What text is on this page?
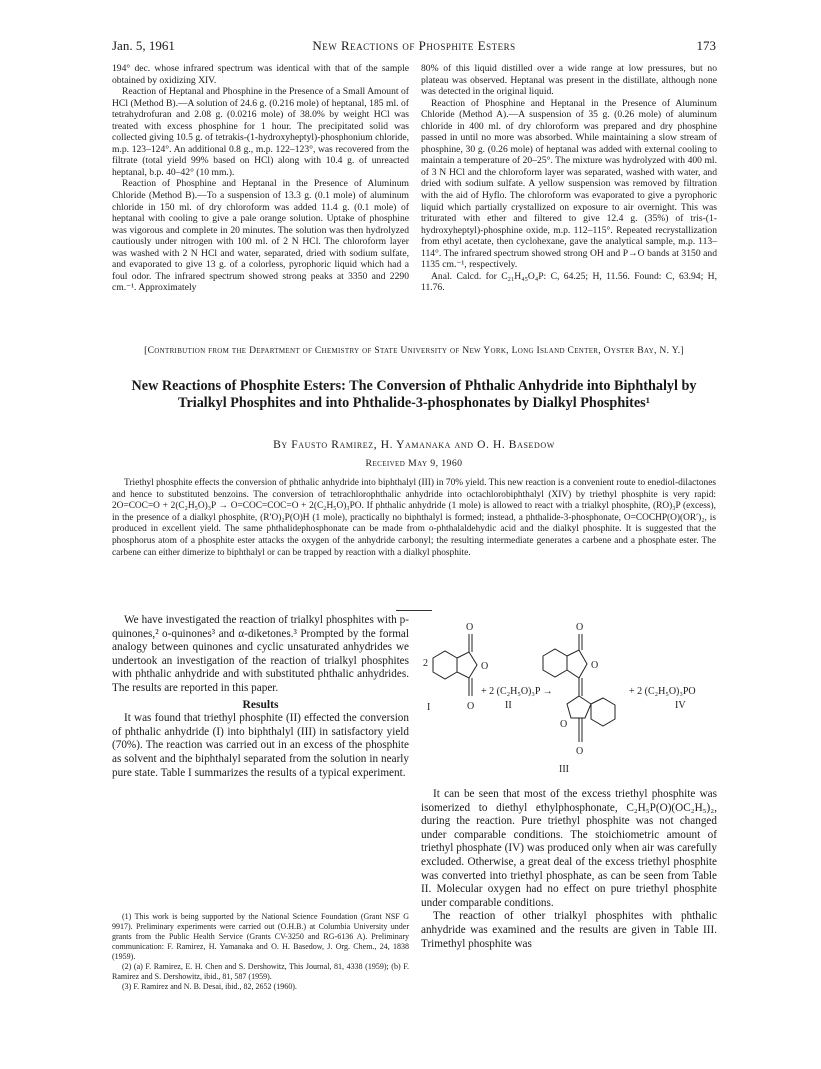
Jan. 5, 1961	New Reactions of Phosphite Esters	173

194° dec. whose infrared spectrum was identical with that of the sample obtained by oxidizing XIV.

Reaction of Heptanal and Phosphine in the Presence of a Small Amount of HCl (Method B).—A solution of 24.6 g. (0.216 mole) of heptanal, 185 ml. of tetrahydrofuran and 2.08 g. (0.0216 mole) of 38.0% by weight HCl was treated with excess phosphine for 1 hour. The precipitated solid was collected giving 10.5 g. of tetrakis-(1-hydroxyheptyl)-phosphonium chloride, m.p. 123–124°. An additional 0.8 g., m.p. 122–123°, was recovered from the filtrate (total yield 99% based on HCl) along with 10.4 g. of unreacted heptanal, b.p. 40–42° (10 mm.).

Reaction of Phosphine and Heptanal in the Presence of Aluminum Chloride (Method B).—To a suspension of 13.3 g. (0.1 mole) of aluminum chloride in 150 ml. of dry chloroform was added 11.4 g. (0.1 mole) of heptanal with cooling to give a pale orange solution. Uptake of phosphine was vigorous and complete in 20 minutes. The solution was then hydrolyzed cautiously under nitrogen with 100 ml. of 2 N HCl. The chloroform layer was washed with 2 N HCl and water, separated, dried with sodium sulfate, and evaporated to give 13 g. of a colorless, pyrophoric liquid which had a foul odor. The infrared spectrum showed strong peaks at 3350 and 2290 cm.⁻¹. Approximately

80% of this liquid distilled over a wide range at low pressures, but no plateau was observed. Heptanal was present in the distillate, although none was detected in the original liquid.

Reaction of Phosphine and Heptanal in the Presence of Aluminum Chloride (Method A).—A suspension of 35 g. (0.26 mole) of aluminum chloride in 400 ml. of dry chloroform was prepared and dry phosphine passed in until no more was absorbed. While maintaining a slow stream of phosphine, 30 g. (0.26 mole) of heptanal was added with external cooling to maintain a temperature of 20–25°. The mixture was hydrolyzed with 400 ml. of 3 N HCl and the chloroform layer was separated, washed with water, and dried with sodium sulfate. A yellow suspension was removed by filtration with the aid of Hyflo. The chloroform was evaporated to give a pyrophoric liquid which partially crystallized on exposure to air overnight. This was triturated with ether and filtered to give 12.4 g. (35%) of tris-(1-hydroxyheptyl)-phosphine oxide, m.p. 112–115°. Repeated recrystallization from ethyl acetate, then cyclohexane, gave the analytical sample, m.p. 113–114°. The infrared spectrum showed strong OH and P→O bands at 3150 and 1135 cm.⁻¹, respectively.

Anal. Calcd. for C₂₁H₄₅O₄P: C, 64.25; H, 11.56. Found: C, 63.94; H, 11.76.

[Contribution from the Department of Chemistry of State University of New York, Long Island Center, Oyster Bay, N. Y.]
New Reactions of Phosphite Esters: The Conversion of Phthalic Anhydride into Biphthalyl by Trialkyl Phosphites and into Phthalide-3-phosphonates by Dialkyl Phosphites¹
By Fausto Ramirez, H. Yamanaka and O. H. Basedow
Received May 9, 1960

Triethyl phosphite effects the conversion of phthalic anhydride into biphthalyl (III) in 70% yield. This new reaction is a convenient route to enediol-dilactones and hence to substituted benzoins. The conversion of tetrachlorophthalic anhydride into octachlorobiphthalyl (XIV) by triethyl phosphite is very rapid: 2O=COC=O + 2(C₂H₅O)₃P → O=COC=COC=O + 2(C₂H₅O)₃PO. If phthalic anhydride (1 mole) is allowed to react with a trialkyl phosphite, (RO)₃P (excess), in the presence of a dialkyl phosphite, (R′O)₂P(O)H (1 mole), practically no biphthalyl is formed; instead, a phthalide-3-phosphonate, O=COCHP(O)(OR′)₂, is produced in excellent yield. The same phthalidephosphonate can be made from o-phthalaldehydic acid and the dialkyl phosphite. It is suggested that the phosphorus atom of a phosphite ester attacks the oxygen of the anhydride carbonyl; the resulting intermediate generates a carbene and a phosphate ester. The carbene can either dimerize to biphthalyl or can be trapped by reaction with a dialkyl phosphite.

We have investigated the reaction of trialkyl phosphites with p-quinones,² o-quinones³ and α-diketones.³ Prompted by the formal analogy between quinones and cyclic unsaturated anhydrides we undertook an investigation of the reaction of trialkyl phosphites with phthalic anhydride and with substituted phthalic anhydrides. The results are reported in this paper.

Results

It was found that triethyl phosphite (II) effected the conversion of phthalic anhydride (I) into biphthalyl (III) in satisfactory yield (70%). The reaction was carried out in an excess of the phosphite as solvent and the biphthalyl separated from the solution in nearly pure state. Table I summarizes the results of a typical experiment.

(1) This work is being supported by the National Science Foundation (Grant NSF G 9917). Preliminary experiments were carried out (O.H.B.) at Columbia University under grants from the Public Health Service (Grants CV-3250 and RG-6136 A). Preliminary communication: F. Ramirez, H. Yamanaka and O. H. Basedow, J. Org. Chem., 24, 1838 (1959).

(2) (a) F. Ramirez, E. H. Chen and S. Dershowitz, This Journal, 81, 4338 (1959); (b) F. Ramirez and S. Dershowitz, ibid., 81, 587 (1959).

(3) F. Ramirez and N. B. Desai, ibid., 82, 2652 (1960).

O
O
O
O
O
O
O
2
I
+ 2 (C₂H₅O)₃P →
II
+ 2 (C₂H₅O)₃PO
IV
III

It can be seen that most of the excess triethyl phosphite was isomerized to diethyl ethylphosphonate, C₂H₅P(O)(OC₂H₅)₂, during the reaction. Pure triethyl phosphite was not changed under comparable conditions. The stoichiometric amount of triethyl phosphate (IV) was produced only when air was carefully excluded. Otherwise, a great deal of the excess triethyl phosphite was converted into triethyl phosphate, as can be seen from Table II. Molecular oxygen had no effect on pure triethyl phosphite under comparable conditions.

The reaction of other trialkyl phosphites with phthalic anhydride was examined and the results are given in Table III. Trimethyl phosphite was
